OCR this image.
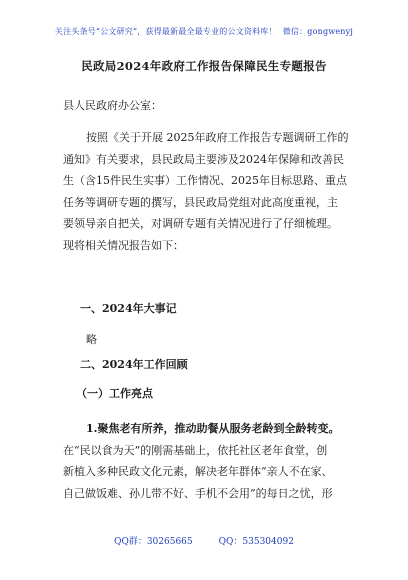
关注头条号“公文研究”，获得最新最全最专业的公文资料库！ 微信：gongwenyj
民政局2024年政府工作报告保障民生专题报告
县人民政府办公室：
按照《关于开展 2025年政府工作报告专题调研工作的
通知》有关要求，县民政局主要涉及2024年保障和改善民
生（含15件民生实事）工作情况、2025年目标思路、重点
任务等调研专题的撰写，县民政局党组对此高度重视，主
要领导亲自把关，对调研专题有关情况进行了仔细梳理。
现将相关情况报告如下：
一、2024年大事记
略
二、2024年工作回顾
（一）工作亮点
1.聚焦老有所养，推动助餐从服务老龄到全龄转变。
在“民以食为天”的刚需基础上，依托社区老年食堂，创
新植入多种民政文化元素，解决老年群体“亲人不在家、
自己做饭难、孙儿带不好、手机不会用”的每日之忧，形
QQ群：30265665	QQ：535304092
